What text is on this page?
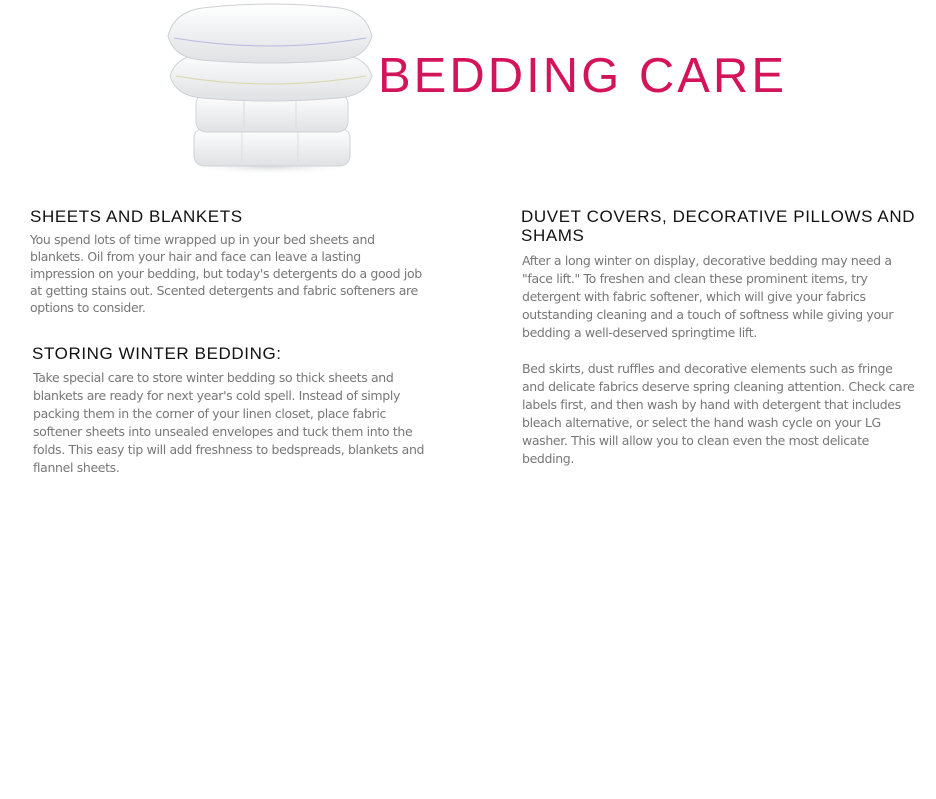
BEDDING CARE
SHEETS AND BLANKETS

You spend lots of time wrapped up in your bed sheets and blankets. Oil from your hair and face can leave a lasting impression on your bedding, but today's detergents do a good job at getting stains out. Scented detergents and fabric softeners are options to consider.

STORING WINTER BEDDING:

Take special care to store winter bedding so thick sheets and blankets are ready for next year's cold spell. Instead of simply packing them in the corner of your linen closet, place fabric softener sheets into unsealed envelopes and tuck them into the folds. This easy tip will add freshness to bedspreads, blankets and flannel sheets.

DUVET COVERS, DECORATIVE PILLOWS AND SHAMS

After a long winter on display, decorative bedding may need a "face lift." To freshen and clean these prominent items, try detergent with fabric softener, which will give your fabrics outstanding cleaning and a touch of softness while giving your bedding a well-deserved springtime lift.

Bed skirts, dust ruffles and decorative elements such as fringe and delicate fabrics deserve spring cleaning attention. Check care labels first, and then wash by hand with detergent that includes bleach alternative, or select the hand wash cycle on your LG washer. This will allow you to clean even the most delicate bedding.
